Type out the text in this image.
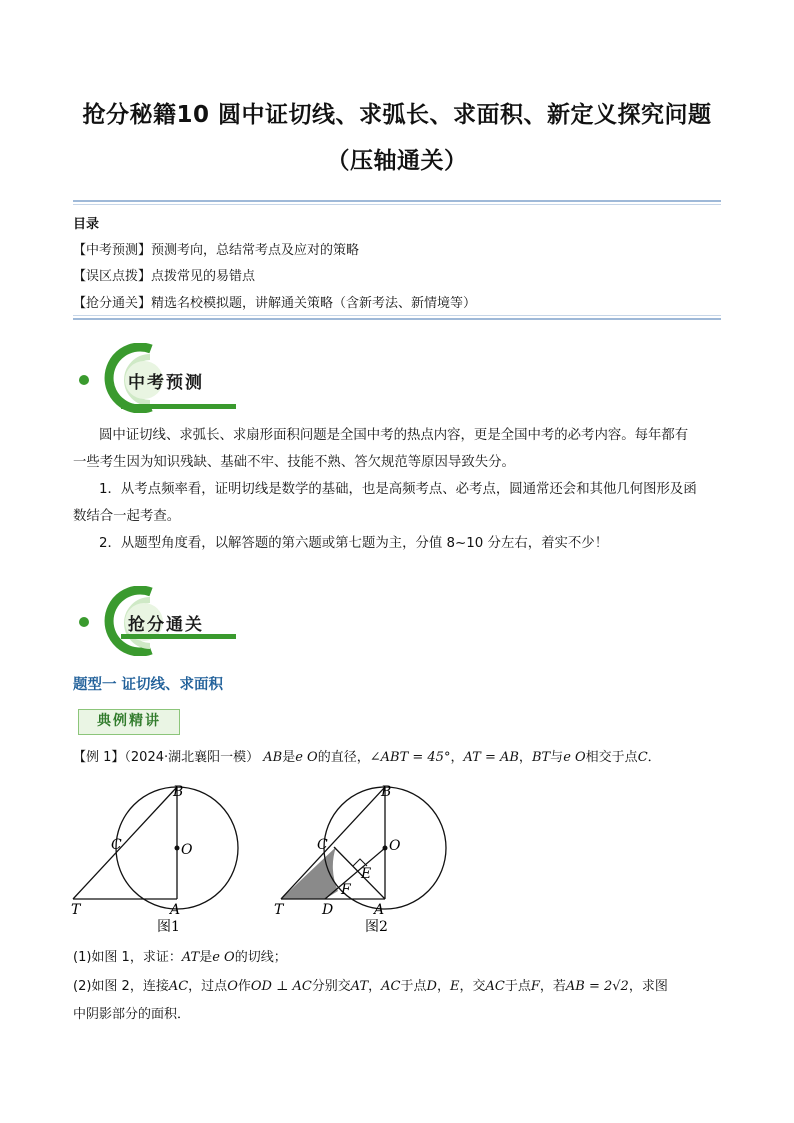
抢分秘籍10 圆中证切线、求弧长、求面积、新定义探究问题
（压轴通关）
目录
【中考预测】预测考向，总结常考点及应对的策略
【误区点拨】点拨常见的易错点
【抢分通关】精选名校模拟题，讲解通关策略（含新考法、新情境等）
中考预测
圆中证切线、求弧长、求扇形面积问题是全国中考的热点内容，更是全国中考的必考内容。每年都有
一些考生因为知识残缺、基础不牢、技能不熟、答欠规范等原因导致失分。
1．从考点频率看，证明切线是数学的基础，也是高频考点、必考点，圆通常还会和其他几何图形及函
数结合一起考查。
2．从题型角度看，以解答题的第六题或第七题为主，分值 8~10 分左右，着实不少！
抢分通关
题型一 证切线、求面积
典例精讲
【例 1】（2024·湖北襄阳一模） AB是e O的直径，∠ABT = 45°，AT = AB，BT与e O相交于点C．
B
C	O
T	A
图1
B
C	O
E
F
T	D	A
图2
(1)如图 1，求证：AT是e O的切线；
(2)如图 2，连接AC，过点O作OD ⊥ AC分别交AT，AC于点D，E，交AC于点F，若AB = 2√2，求图
中阴影部分的面积．
